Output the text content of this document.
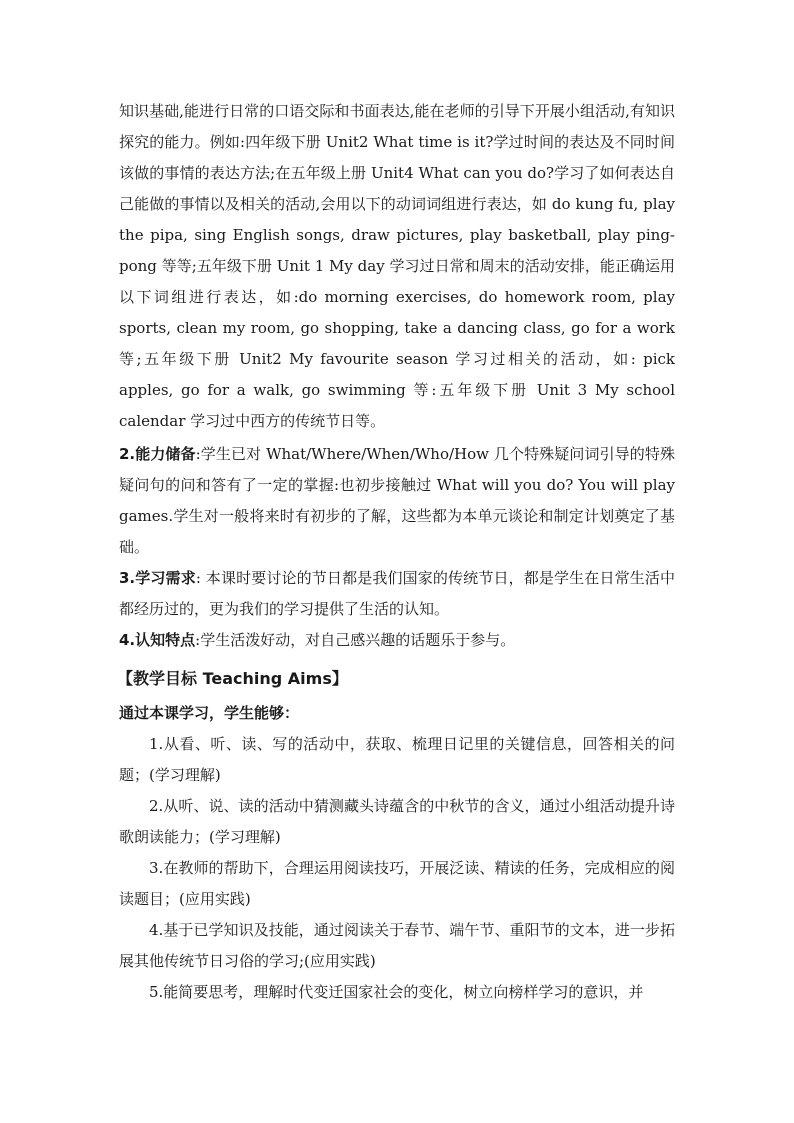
知识基础,能进行日常的口语交际和书面表达,能在老师的引导下开展小组活动,有知识探究的能力。例如:四年级下册 Unit2 What time is it?学过时间的表达及不同时间该做的事情的表达方法;在五年级上册 Unit4 What can you do?学习了如何表达自己能做的事情以及相关的活动,会用以下的动词词组进行表达，如 do kung fu, play the pipa, sing English songs, draw pictures, play basketball, play ping-pong 等等;五年级下册 Unit 1 My day 学习过日常和周末的活动安排，能正确运用以下词组进行表达，如:do morning exercises, do homework room, play sports, clean my room, go shopping, take a dancing class, go for a work 等;五年级下册 Unit2 My favourite season 学习过相关的活动，如: pick apples, go for a walk, go swimming 等:五年级下册 Unit 3 My school calendar 学习过中西方的传统节日等。

2.能力储备:学生已对 What/Where/When/Who/How 几个特殊疑问词引导的特殊疑问句的问和答有了一定的掌握:也初步接触过 What will you do? You will play games.学生对一般将来时有初步的了解，这些都为本单元谈论和制定计划奠定了基础。

3.学习需求: 本课时要讨论的节日都是我们国家的传统节日，都是学生在日常生活中都经历过的，更为我们的学习提供了生活的认知。

4.认知特点:学生活泼好动，对自己感兴趣的话题乐于参与。

【教学目标 Teaching Aims】

通过本课学习，学生能够：

1.从看、听、读、写的活动中，获取、梳理日记里的关键信息，回答相关的问题；(学习理解)

2.从听、说、读的活动中猜测藏头诗蕴含的中秋节的含义，通过小组活动提升诗歌朗读能力；(学习理解)

3.在教师的帮助下，合理运用阅读技巧，开展泛读、精读的任务，完成相应的阅读题目；(应用实践)

4.基于已学知识及技能，通过阅读关于春节、端午节、重阳节的文本，进一步拓展其他传统节日习俗的学习;(应用实践)

5.能简要思考，理解时代变迁国家社会的变化，树立向榜样学习的意识，并
